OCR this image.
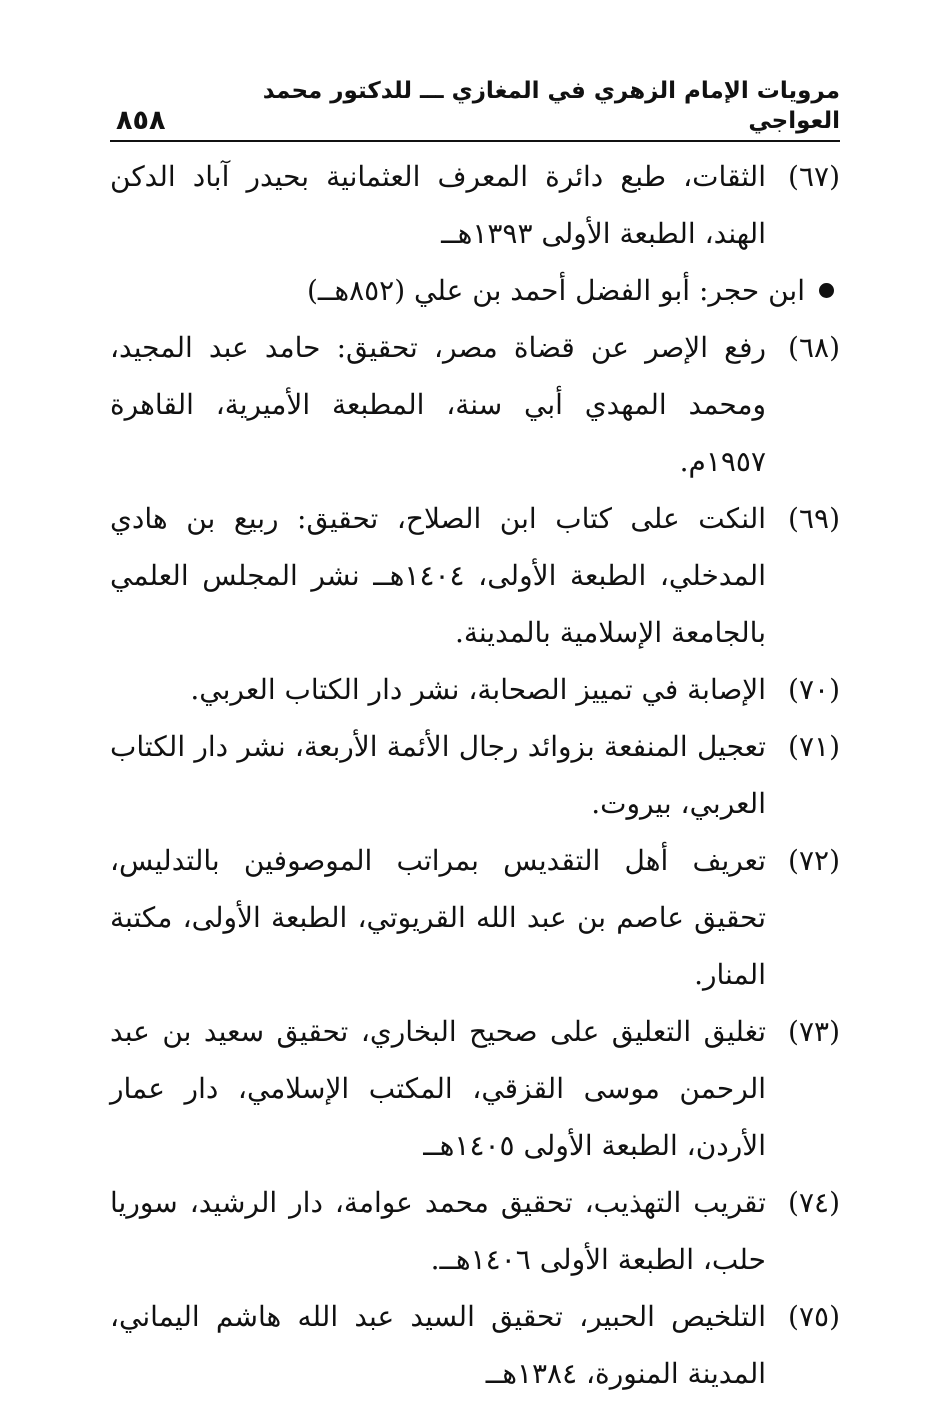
مرويات الإمام الزهري في المغازي ـــ للدكتور محمد العواجي
٨٥٨
(٦٧)
الثقات، طبع دائرة المعرف العثمانية بحيدر آباد الدكن الهند، الطبعة الأولى ١٣٩٣هــ
ابن حجر: أبو الفضل أحمد بن علي (٨٥٢هــ)
(٦٨)
رفع الإصر عن قضاة مصر، تحقيق: حامد عبد المجيد، ومحمد المهدي أبي سنة، المطبعة الأميرية، القاهرة ١٩٥٧م.
(٦٩)
النكت على كتاب ابن الصلاح، تحقيق: ربيع بن هادي المدخلي، الطبعة الأولى، ١٤٠٤هــ نشر المجلس العلمي بالجامعة الإسلامية بالمدينة.
(٧٠)
الإصابة في تمييز الصحابة، نشر دار الكتاب العربي.
(٧١)
تعجيل المنفعة بزوائد رجال الأئمة الأربعة، نشر دار الكتاب العربي، بيروت.
(٧٢)
تعريف أهل التقديس بمراتب الموصوفين بالتدليس، تحقيق عاصم بن عبد الله القريوتي، الطبعة الأولى، مكتبة المنار.
(٧٣)
تغليق التعليق على صحيح البخاري، تحقيق سعيد بن عبد الرحمن موسى القزقي، المكتب الإسلامي، دار عمار الأردن، الطبعة الأولى ١٤٠٥هــ
(٧٤)
تقريب التهذيب، تحقيق محمد عوامة، دار الرشيد، سوريا حلب، الطبعة الأولى ١٤٠٦هــ.
(٧٥)
التلخيص الحبير، تحقيق السيد عبد الله هاشم اليماني، المدينة المنورة، ١٣٨٤هــ
